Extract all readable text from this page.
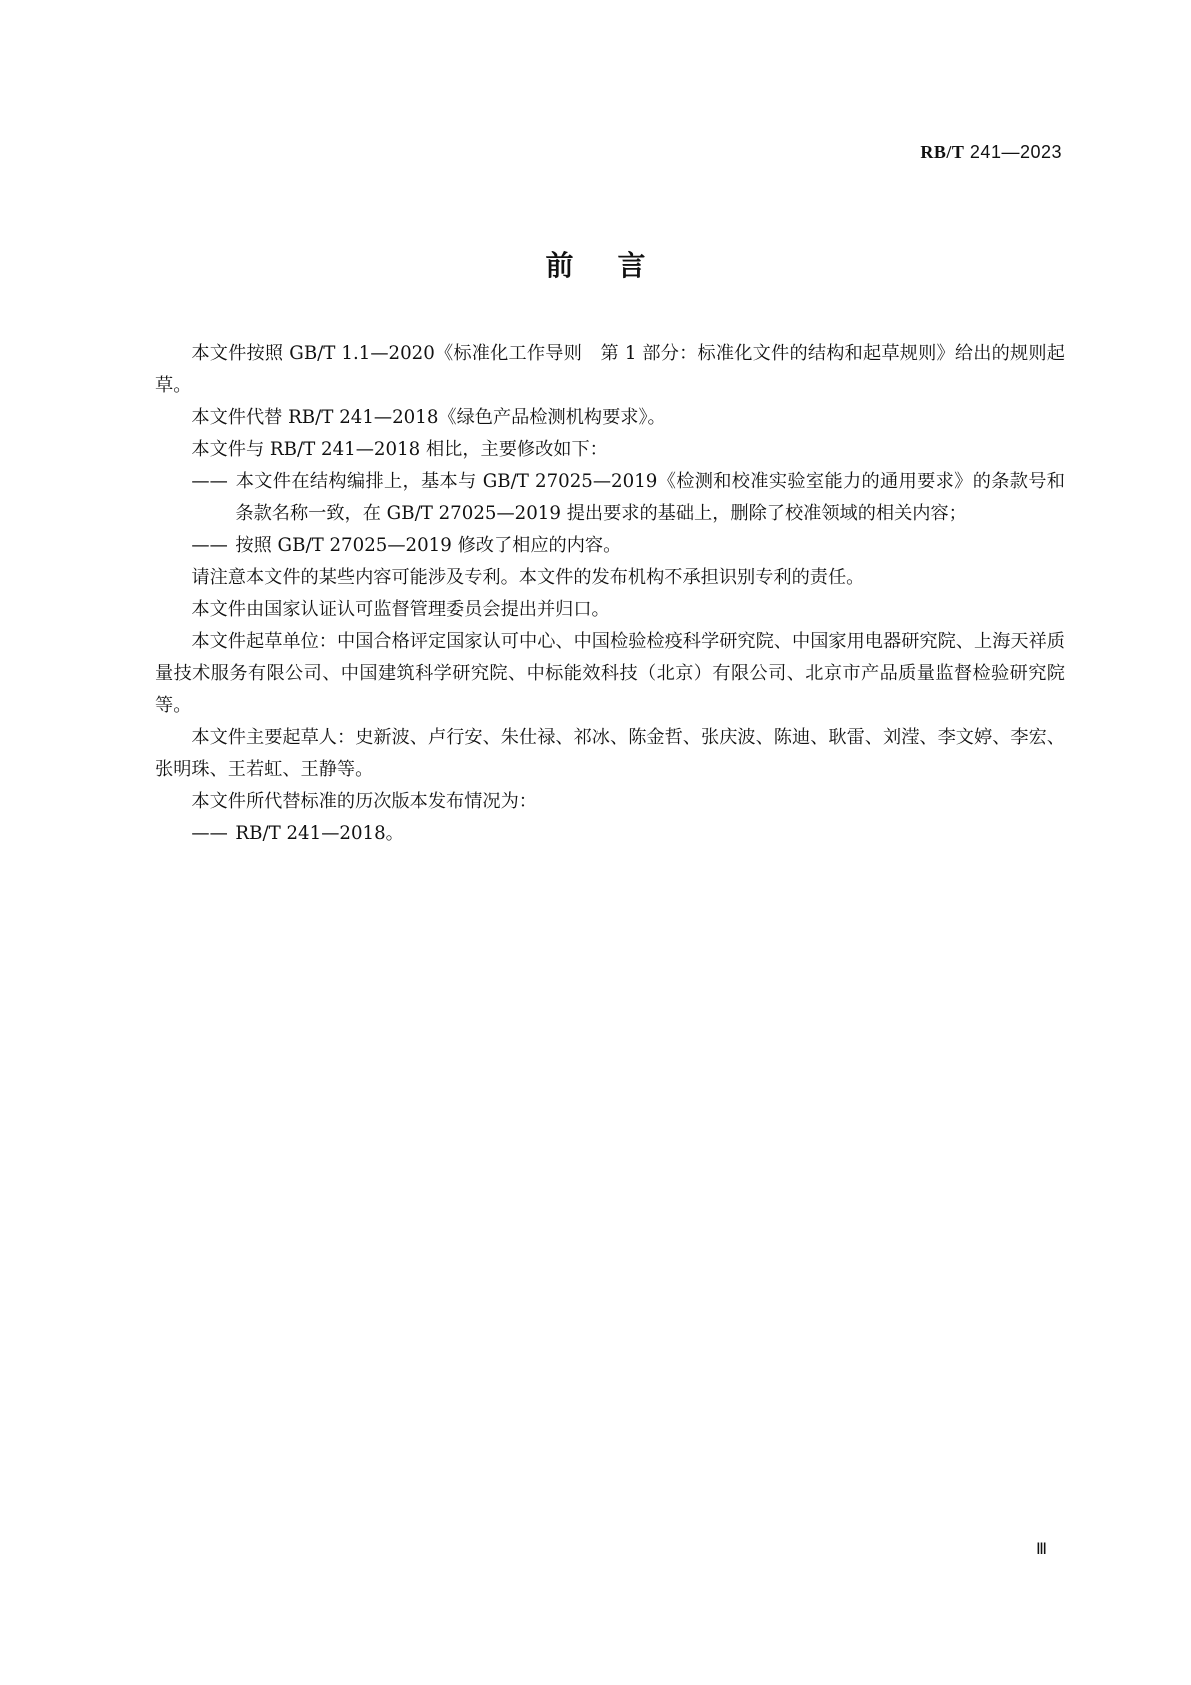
RB/T 241—2023
前 言

本文件按照 GB/T 1.1—2020《标准化工作导则　第 1 部分：标准化文件的结构和起草规则》给出的规则起草。

本文件代替 RB/T 241—2018《绿色产品检测机构要求》。

本文件与 RB/T 241—2018 相比，主要修改如下：

—— 本文件在结构编排上，基本与 GB/T 27025—2019《检测和校准实验室能力的通用要求》的条款号和条款名称一致，在 GB/T 27025—2019 提出要求的基础上，删除了校准领域的相关内容；

—— 按照 GB/T 27025—2019 修改了相应的内容。

请注意本文件的某些内容可能涉及专利。本文件的发布机构不承担识别专利的责任。

本文件由国家认证认可监督管理委员会提出并归口。

本文件起草单位：中国合格评定国家认可中心、中国检验检疫科学研究院、中国家用电器研究院、上海天祥质量技术服务有限公司、中国建筑科学研究院、中标能效科技（北京）有限公司、北京市产品质量监督检验研究院等。

本文件主要起草人：史新波、卢行安、朱仕禄、祁冰、陈金哲、张庆波、陈迪、耿雷、刘滢、李文婷、李宏、张明珠、王若虹、王静等。

本文件所代替标准的历次版本发布情况为：

—— RB/T 241—2018。

Ⅲ
